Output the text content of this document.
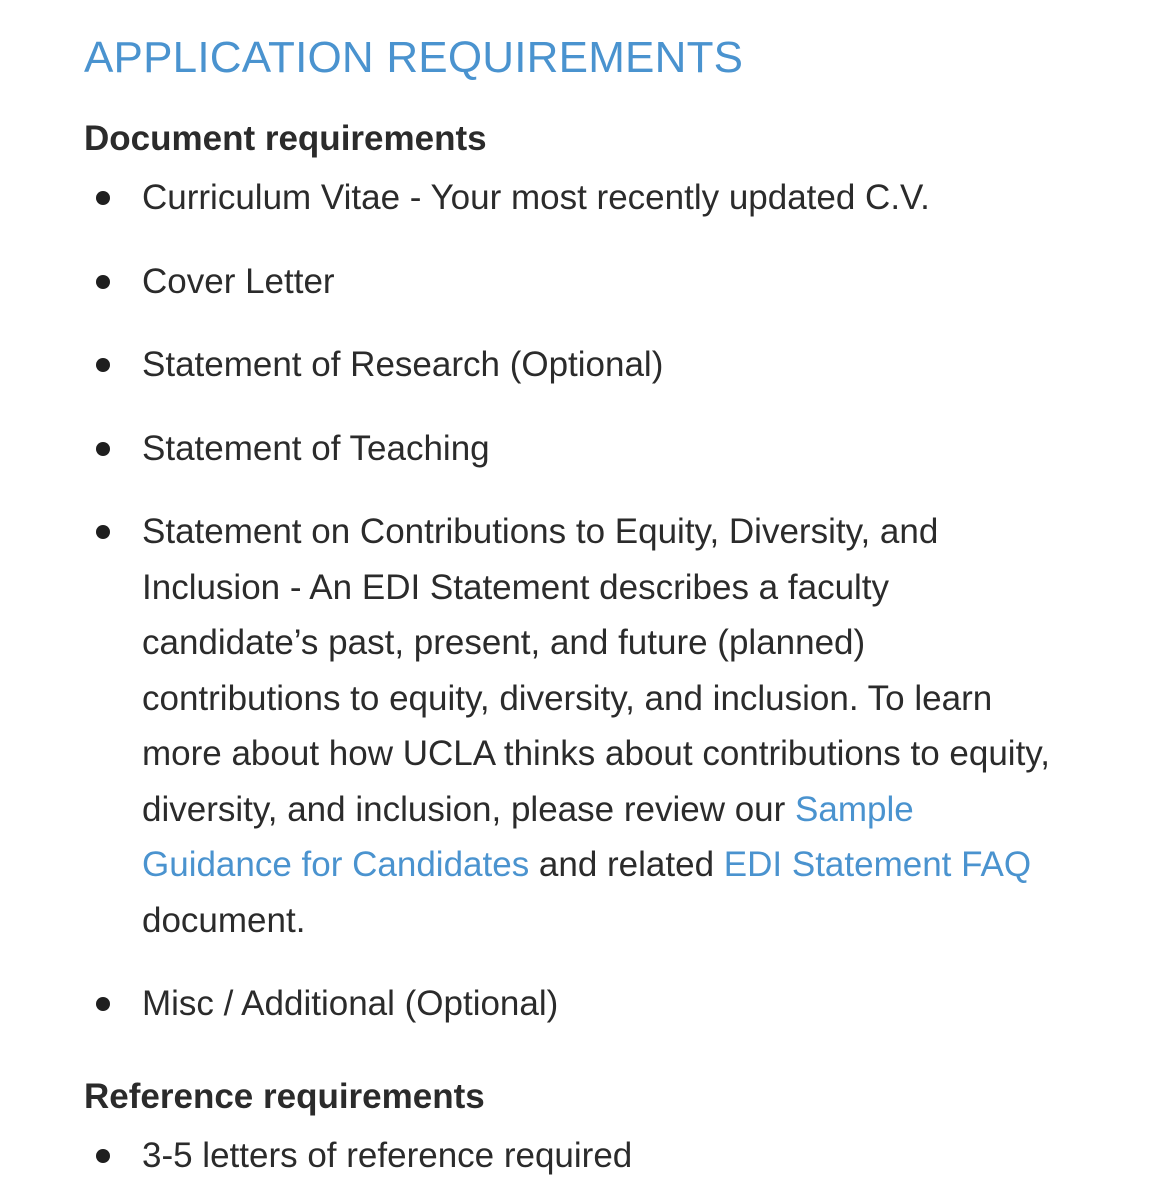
APPLICATION REQUIREMENTS
Document requirements
Curriculum Vitae - Your most recently updated C.V.
Cover Letter
Statement of Research (Optional)
Statement of Teaching
Statement on Contributions to Equity, Diversity, and Inclusion - An EDI Statement describes a faculty candidate’s past, present, and future (planned) contributions to equity, diversity, and inclusion. To learn more about how UCLA thinks about contributions to equity, diversity, and inclusion, please review our Sample Guidance for Candidates and related EDI Statement FAQ document.
Misc / Additional (Optional)
Reference requirements
3-5 letters of reference required
